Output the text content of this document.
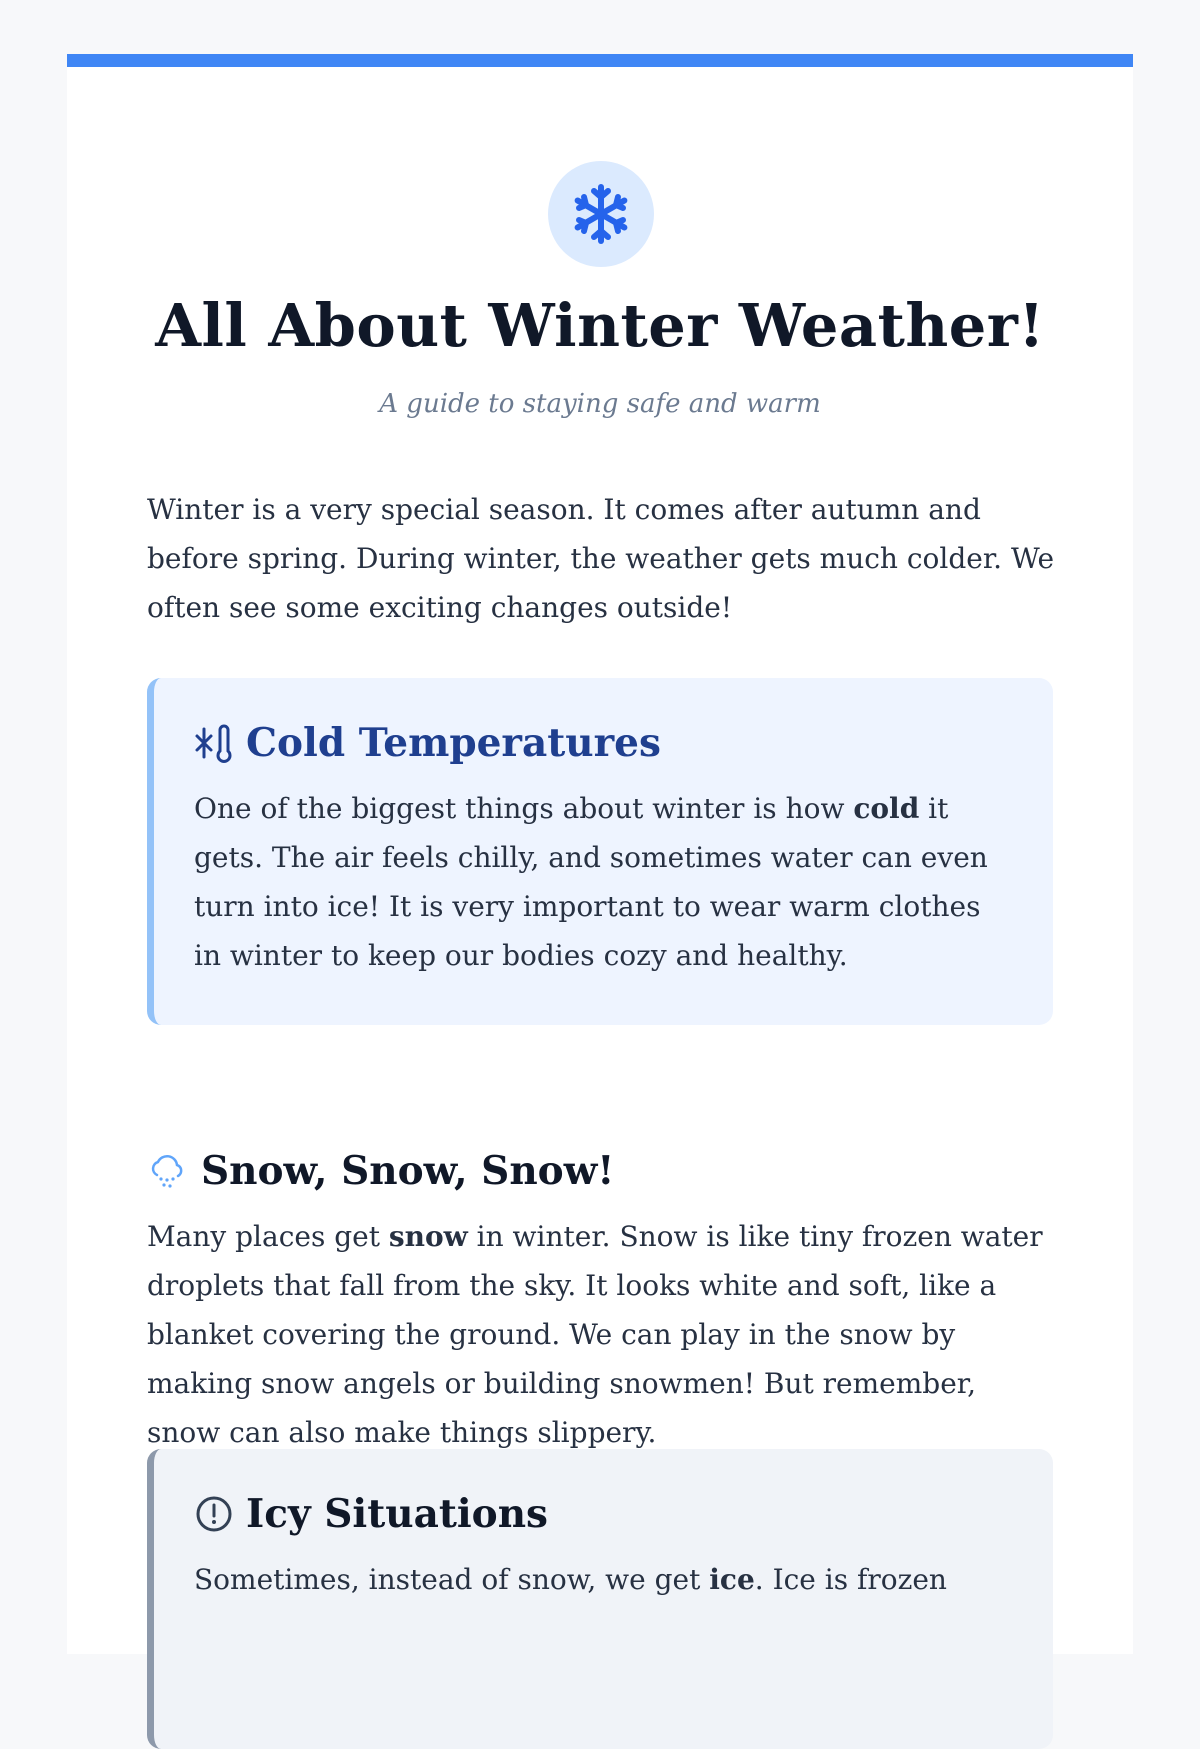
All About Winter Weather!
A guide to staying safe and warm

Winter is a very special season. It comes after autumn and before spring. During winter, the weather gets much colder. We often see some exciting changes outside!

Cold Temperatures

One of the biggest things about winter is how cold it gets. The air feels chilly, and sometimes water can even turn into ice! It is very important to wear warm clothes in winter to keep our bodies cozy and healthy.

Snow, Snow, Snow!

Many places get snow in winter. Snow is like tiny frozen water droplets that fall from the sky. It looks white and soft, like a blanket covering the ground. We can play in the snow by making snow angels or building snowmen! But remember, snow can also make things slippery.

Icy Situations

Sometimes, instead of snow, we get ice. Ice is frozen
